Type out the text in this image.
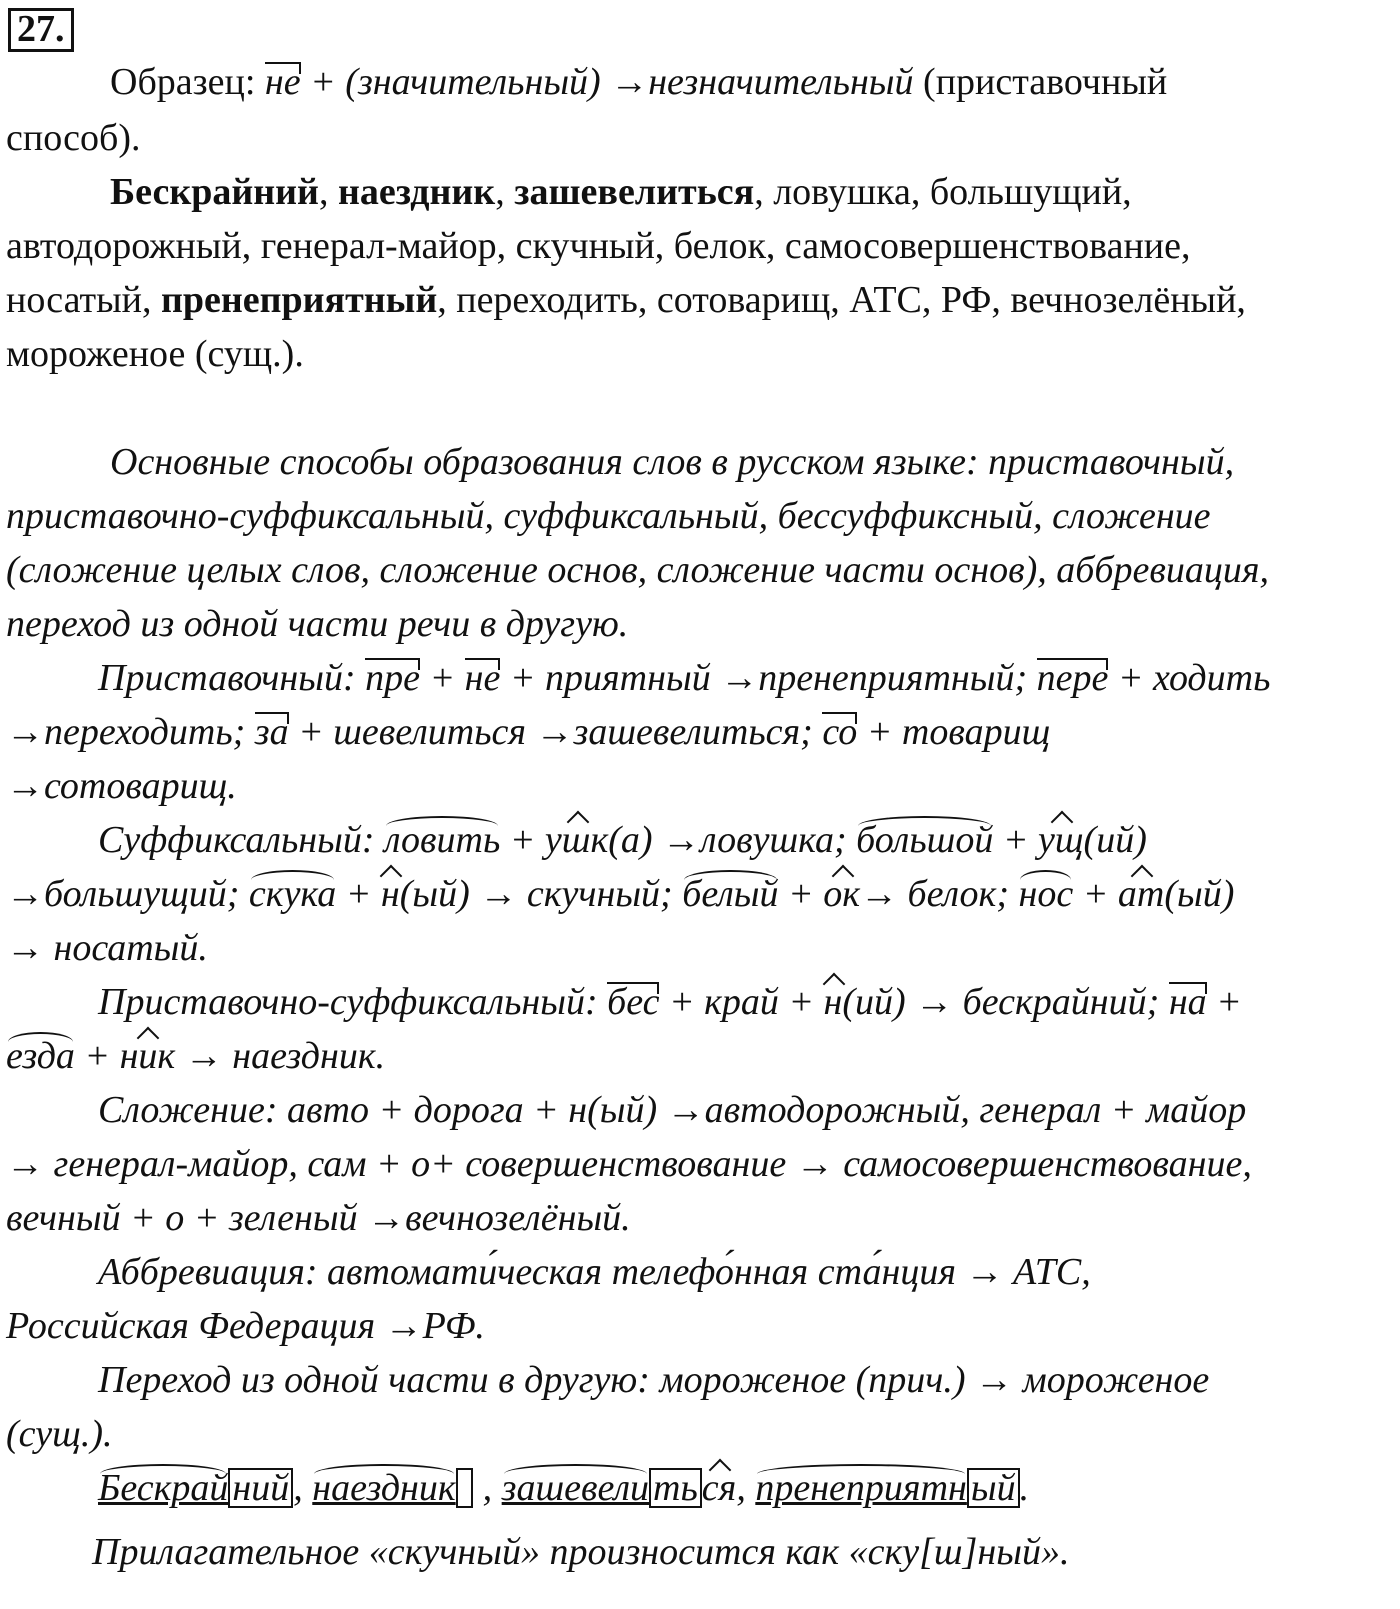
27.
Образец: не + (значительный) →незначительный (приставочный
способ).
Бескрайний, наездник, зашевелиться, ловушка, большущий,
автодорожный, генерал-майор, скучный, белок, самосовершенствование,
носатый, пренеприятный, переходить, сотоварищ, АТС, РФ, вечнозелёный,
мороженое (сущ.).
Основные способы образования слов в русском языке: приставочный,
приставочно-суффиксальный, суффиксальный, бессуффиксный, сложение
(сложение целых слов, сложение основ, сложение части основ), аббревиация,
переход из одной части речи в другую.
Приставочный: пре + не + приятный →пренеприятный; пере + ходить
→переходить; за + шевелиться →зашевелиться; со + товарищ
→сотоварищ.
Суффиксальный: ловить + ушк(а) →ловушка; большой + ущ(ий)
→большущий; скука + н(ый) → скучный; белый + ок→ белок; нос + ат(ый)
→ носатый.
Приставочно-суффиксальный: бес + край + н(ий) → бескрайний; на +
езда + ник → наездник.
Сложение: авто + дорога + н(ый) →автодорожный, генерал + майор
→ генерал-майор, сам + о+ совершенствование → самосовершенствование,
вечный + о + зеленый →вечнозелёный.
Аббревиация: автомати́ческая телефо́нная ста́нция → АТС,
Российская Федерация →РФ.
Переход из одной части в другую: мороженое (прич.) → мороженое
(сущ.).
Бескрай ний , наездник  , зашевели ть ся, пренеприятн ый .
Прилагательное «скучный» произносится как «ску[ш]ный».
